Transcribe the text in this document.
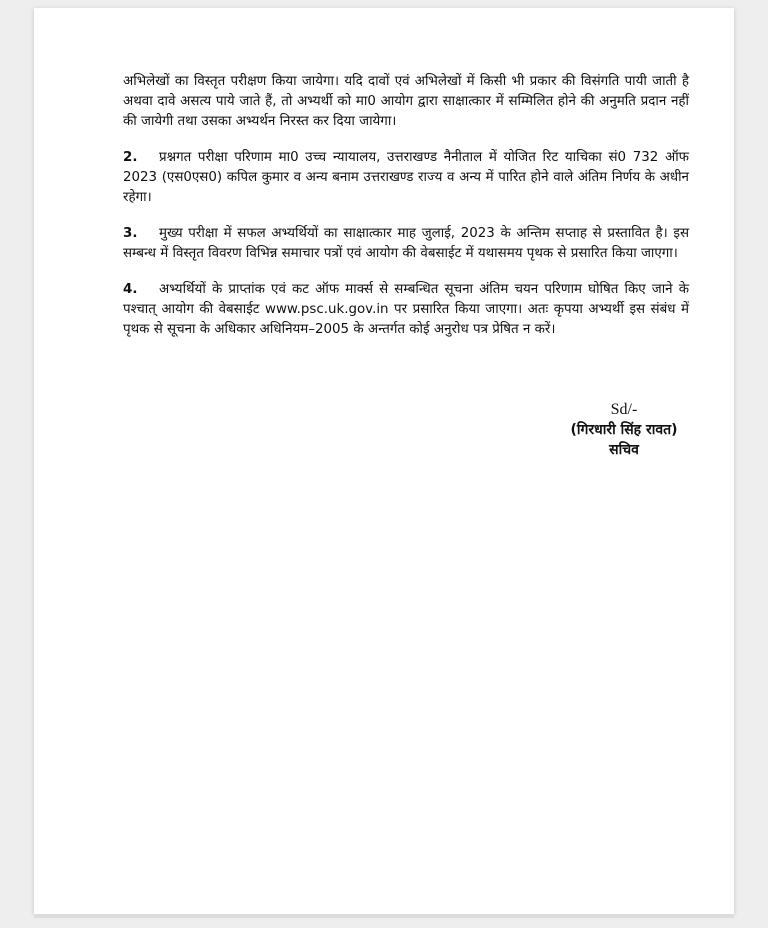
अभिलेखों का विस्तृत परीक्षण किया जायेगा। यदि दावों एवं अभिलेखों में किसी भी प्रकार की विसंगति पायी जाती है अथवा दावे असत्य पाये जाते हैं, तो अभ्यर्थी को मा0 आयोग द्वारा साक्षात्कार में सम्मिलित होने की अनुमति प्रदान नहीं की जायेगी तथा उसका अभ्यर्थन निरस्त कर दिया जायेगा।

2. प्रश्नगत परीक्षा परिणाम मा0 उच्च न्यायालय, उत्तराखण्ड नैनीताल में योजित रिट याचिका सं0 732 ऑफ 2023 (एस0एस0) कपिल कुमार व अन्य बनाम उत्तराखण्ड राज्य व अन्य में पारित होने वाले अंतिम निर्णय के अधीन रहेगा।

3. मुख्य परीक्षा में सफल अभ्यर्थियों का साक्षात्कार माह जुलाई, 2023 के अन्तिम सप्ताह से प्रस्तावित है। इस सम्बन्ध में विस्तृत विवरण विभिन्न समाचार पत्रों एवं आयोग की वेबसाईट में यथासमय पृथक से प्रसारित किया जाएगा।

4. अभ्यर्थियों के प्राप्तांक एवं कट ऑफ मार्क्स से सम्बन्धित सूचना अंतिम चयन परिणाम घोषित किए जाने के पश्चात् आयोग की वेबसाईट www.psc.uk.gov.in पर प्रसारित किया जाएगा। अतः कृपया अभ्यर्थी इस संबंध में पृथक से सूचना के अधिकार अधिनियम–2005 के अन्तर्गत कोई अनुरोध पत्र प्रेषित न करें।

Sd/-
(गिरधारी सिंह रावत)
सचिव
